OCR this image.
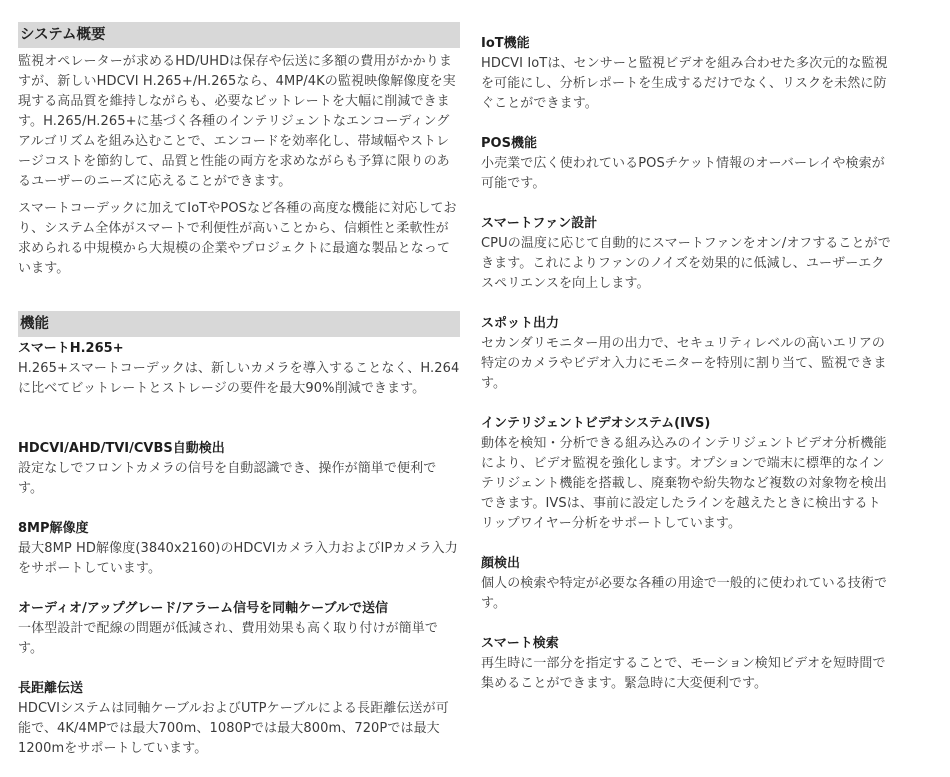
システム概要

監視オペレーターが求めるHD/UHDは保存や伝送に多額の費用がかかりますが、新しいHDCVI H.265+/H.265なら、4MP/4Kの監視映像解像度を実現する高品質を維持しながらも、必要なビットレートを大幅に削減できます。H.265/H.265+に基づく各種のインテリジェントなエンコーディングアルゴリズムを組み込むことで、エンコードを効率化し、帯域幅やストレージコストを節約して、品質と性能の両方を求めながらも予算に限りのあるユーザーのニーズに応えることができます。

スマートコーデックに加えてIoTやPOSなど各種の高度な機能に対応しており、システム全体がスマートで利便性が高いことから、信頼性と柔軟性が求められる中規模から大規模の企業やプロジェクトに最適な製品となっています。

機能
スマートH.265+
H.265+スマートコーデックは、新しいカメラを導入することなく、H.264に比べてビットレートとストレージの要件を最大90%削減できます。
HDCVI/AHD/TVI/CVBS自動検出
設定なしでフロントカメラの信号を自動認識でき、操作が簡単で便利です。
8MP解像度
最大8MP HD解像度(3840x2160)のHDCVIカメラ入力およびIPカメラ入力をサポートしています。
オーディオ/アップグレード/アラーム信号を同軸ケーブルで送信
一体型設計で配線の問題が低減され、費用効果も高く取り付けが簡単です。
長距離伝送
HDCVIシステムは同軸ケーブルおよびUTPケーブルによる長距離伝送が可能で、4K/4MPでは最大700m、1080Pでは最大800m、720Pでは最大1200mをサポートしています。
IoT機能
HDCVI IoTは、センサーと監視ビデオを組み合わせた多次元的な監視を可能にし、分析レポートを生成するだけでなく、リスクを未然に防ぐことができます。
POS機能
小売業で広く使われているPOSチケット情報のオーバーレイや検索が可能です。
スマートファン設計
CPUの温度に応じて自動的にスマートファンをオン/オフすることができます。これによりファンのノイズを効果的に低減し、ユーザーエクスペリエンスを向上します。
スポット出力
セカンダリモニター用の出力で、セキュリティレベルの高いエリアの特定のカメラやビデオ入力にモニターを特別に割り当て、監視できます。
インテリジェントビデオシステム(IVS)
動体を検知・分析できる組み込みのインテリジェントビデオ分析機能により、ビデオ監視を強化します。オプションで端末に標準的なインテリジェント機能を搭載し、廃棄物や紛失物など複数の対象物を検出できます。IVSは、事前に設定したラインを越えたときに検出するトリップワイヤー分析をサポートしています。
顔検出
個人の検索や特定が必要な各種の用途で一般的に使われている技術です。
スマート検索
再生時に一部分を指定することで、モーション検知ビデオを短時間で集めることができます。緊急時に大変便利です。
